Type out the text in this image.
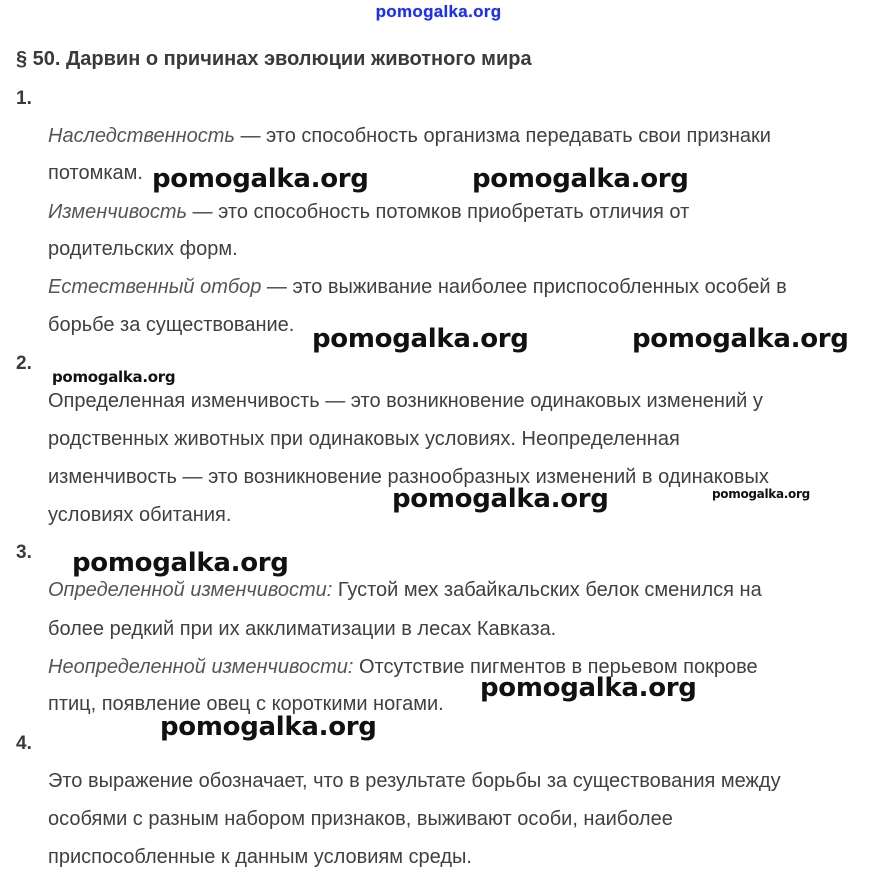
pomogalka.org
§ 50. Дарвин о причинах эволюции животного мира
1.
Наследственность — это способность организма передавать свои признаки
потомкам.
Изменчивость — это способность потомков приобретать отличия от
родительских форм.
Естественный отбор — это выживание наиболее приспособленных особей в
борьбе за существование.
2.
Определенная изменчивость — это возникновение одинаковых изменений у
родственных животных при одинаковых условиях. Неопределенная
изменчивость — это возникновение разнообразных изменений в одинаковых
условиях обитания.
3.
Определенной изменчивости: Густой мех забайкальских белок сменился на
более редкий при их акклиматизации в лесах Кавказа.
Неопределенной изменчивости: Отсутствие пигментов в перьевом покрове
птиц, появление овец с короткими ногами.
4.
Это выражение обозначает, что в результате борьбы за существования между
особями с разным набором признаков, выживают особи, наиболее
приспособленные к данным условиям среды.
pomogalka.org	pomogalka.org
pomogalka.org	pomogalka.org
pomogalka.org
pomogalka.org	pomogalka.org
pomogalka.org
pomogalka.org
pomogalka.org
